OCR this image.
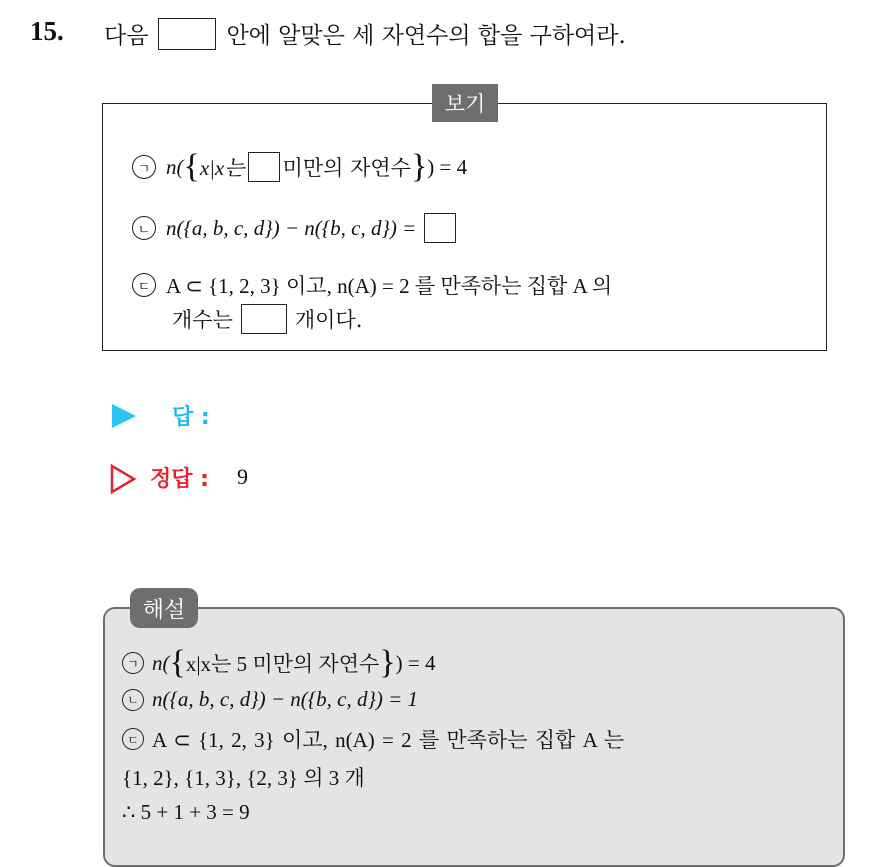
15. 다음	안에 알맞은 세 자연수의 합을 구하여라.
보기
ㄱ n( { x|x는 미만의 자연수 } ) = 4
ㄴ n({a, b, c, d}) − n({b, c, d}) =
ㄷ A ⊂ {1, 2, 3} 이고, n(A) = 2 를 만족하는 집합 A 의
개수는	개이다.
답 :
정답 : 9
해설
ㄱ n( { x|x는 5 미만의 자연수 } ) = 4
ㄴ n({a, b, c, d}) − n({b, c, d}) = 1
ㄷ A ⊂ {1, 2, 3} 이고, n(A) = 2 를 만족하는 집합 A 는
{1, 2}, {1, 3}, {2, 3} 의 3 개
∴ 5 + 1 + 3 = 9
